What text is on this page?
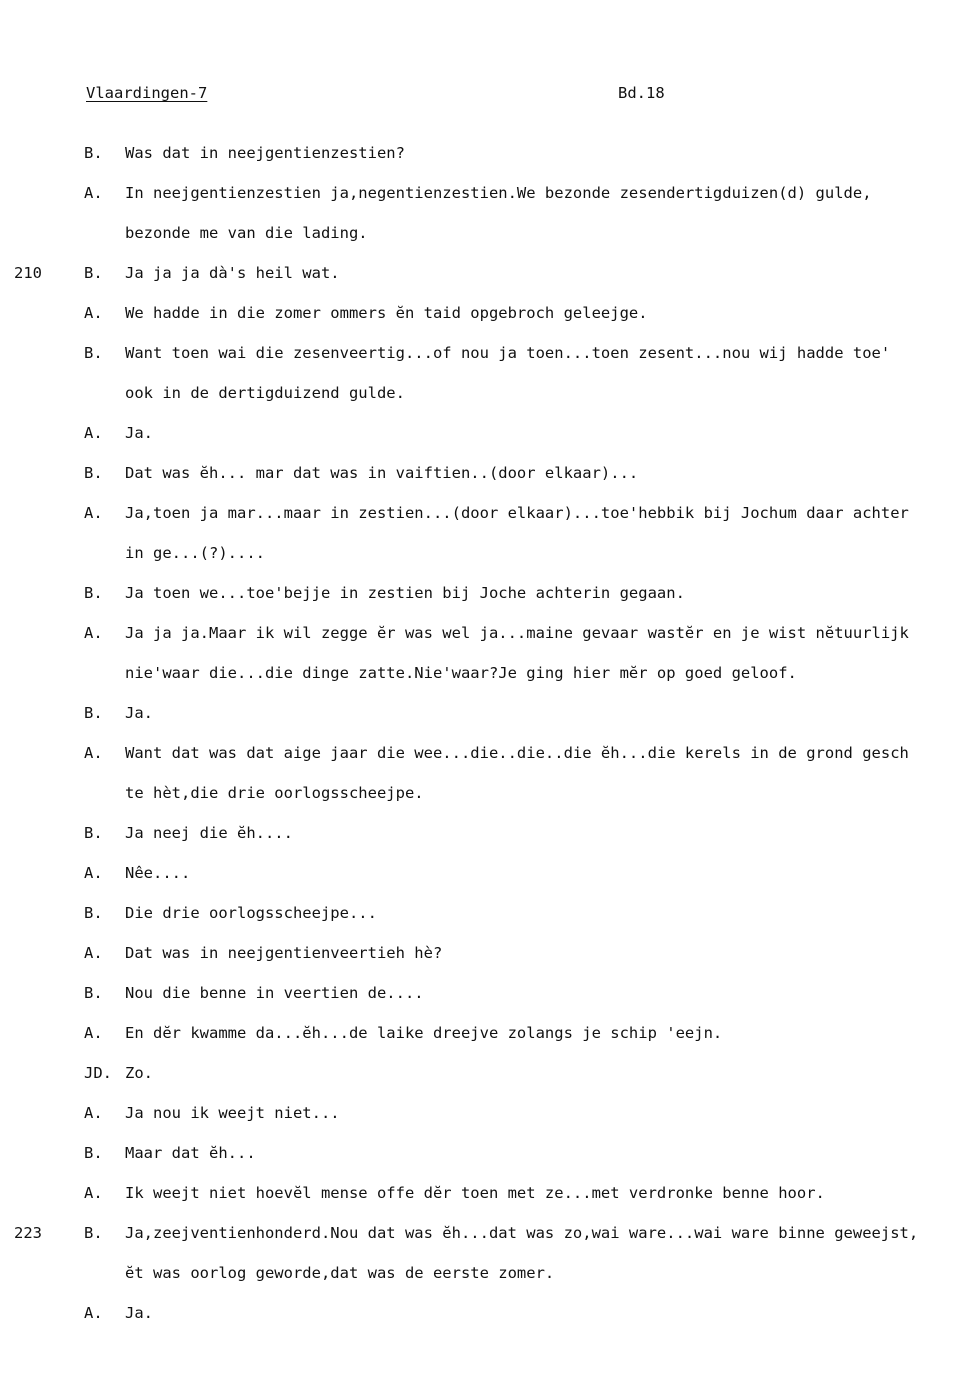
Vlaardingen-7	Bd.18
B.	Was dat in neejgentienzestien?
A.	In neejgentienzestien ja,negentienzestien.We bezonde zesendertigduizen(d) gulde,
bezonde me van die lading.
210	B.	Ja ja ja dà's heil wat.
A.	We hadde in die zomer ommers ĕn taid opgebroch geleejge.
B.	Want toen wai die zesenveertig...of nou ja toen...toen zesent...nou wij hadde toe'
ook in de dertigduizend gulde.
A.	Ja.
B.	Dat was ĕh... mar dat was in vaiftien..(door elkaar)...
A.	Ja,toen ja mar...maar in zestien...(door elkaar)...toe'hebbik bij Jochum daar achter
in ge...(?)....
B.	Ja toen we...toe'bejje in zestien bij Joche achterin gegaan.
A.	Ja ja ja.Maar ik wil zegge ĕr was wel ja...maine gevaar wastĕr en je wist nĕtuurlijk
nie'waar die...die dinge zatte.Nie'waar?Je ging hier mĕr op goed geloof.
B.	Ja.
A.	Want dat was dat aige jaar die wee...die..die..die ĕh...die kerels in de grond gesch
te hèt,die drie oorlogsscheejpe.
B.	Ja neej die ĕh....
A.	Nêe....
B.	Die drie oorlogsscheejpe...
A.	Dat was in neejgentienveertieh hè?
B.	Nou die benne in veertien de....
A.	En dĕr kwamme da...ĕh...de laike dreejve zolangs je schip 'eejn.
JD. Zo.
A.	Ja nou ik weejt niet...
B.	Maar dat ĕh...
A.	Ik weejt niet hoevĕl mense offe dĕr toen met ze...met verdronke benne hoor.
223	B.	Ja,zeejventienhonderd.Nou dat was ĕh...dat was zo,wai ware...wai ware binne geweejst,
ĕt was oorlog geworde,dat was de eerste zomer.
A.	Ja.
